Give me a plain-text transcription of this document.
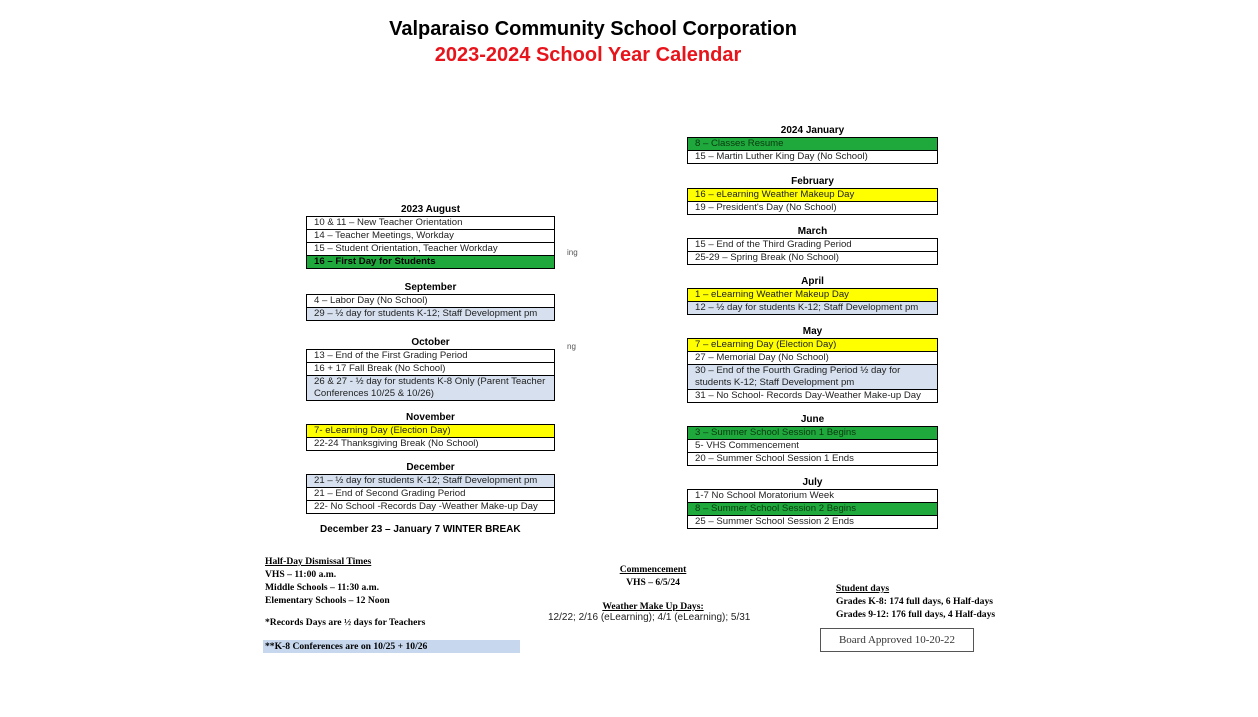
Valparaiso Community School Corporation
2023-2024 School Year Calendar
2023 August
10 & 11 – New Teacher Orientation
14 – Teacher Meetings, Workday
15 – Student Orientation, Teacher Workday
16 – First Day for Students
September
4 – Labor Day (No School)
29 – ½ day for students K-12; Staff Development pm
October
13 – End of the First Grading Period
16 + 17 Fall Break (No School)
26 & 27 - ½ day for students K-8 Only (Parent Teacher Conferences 10/25 & 10/26)
November
7- eLearning Day (Election Day)
22-24 Thanksgiving Break (No School)
December
21 – ½ day for students K-12; Staff Development pm
21 – End of Second Grading Period
22- No School -Records Day -Weather Make-up Day
2024 January
8 – Classes Resume
15 – Martin Luther King Day (No School)
February
16 – eLearning Weather Makeup Day
19 – President's Day (No School)
March
15 – End of the Third Grading Period
25-29 – Spring Break (No School)
April
1 – eLearning Weather Makeup Day
12 – ½ day for students K-12; Staff Development pm
May
7 – eLearning Day (Election Day)
27 – Memorial Day (No School)
30 – End of the Fourth Grading Period ½ day for students K-12; Staff Development pm
31 – No School- Records Day-Weather Make-up Day
June
3 – Summer School Session 1 Begins
5- VHS Commencement
20 – Summer School Session 1 Ends
July
1-7 No School Moratorium Week
8 – Summer School Session 2 Begins
25 – Summer School Session 2 Ends
ing
ng
December 23 – January 7 WINTER BREAK
Half-Day Dismissal Times
VHS – 11:00 a.m.
Middle Schools – 11:30 a.m.
Elementary Schools – 12 Noon
*Records Days are ½ days for Teachers
**K-8 Conferences are on 10/25 + 10/26
Commencement
VHS – 6/5/24
Weather Make Up Days:
12/22; 2/16 (eLearning); 4/1 (eLearning); 5/31
Student days
Grades K-8: 174 full days, 6 Half-days
Grades 9-12: 176 full days, 4 Half-days
Board Approved 10-20-22
